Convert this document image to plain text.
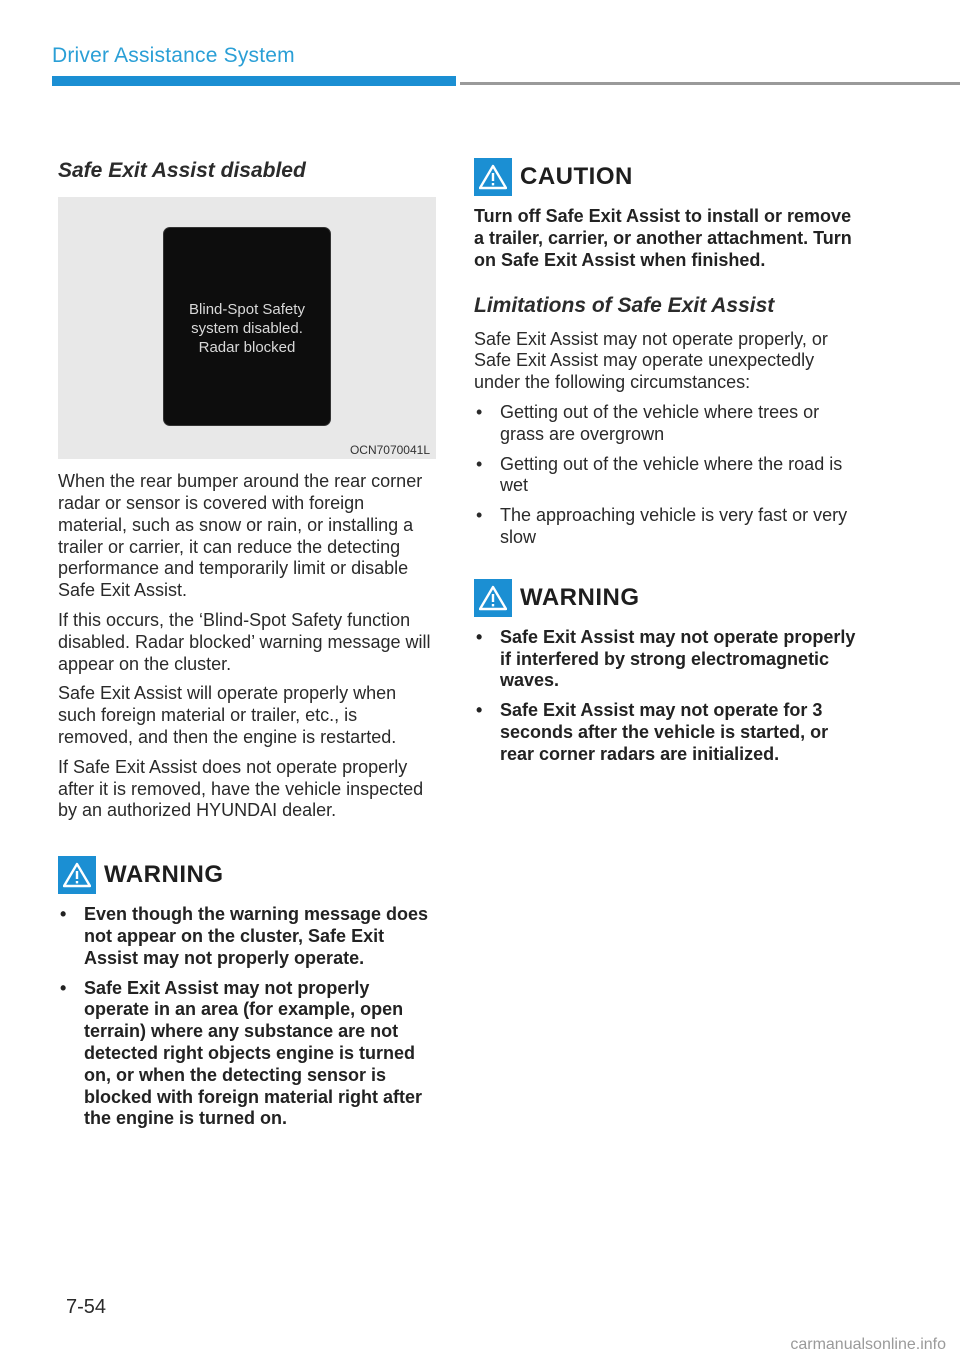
Driver Assistance System
Safe Exit Assist disabled
Blind-Spot Safety
system disabled.
Radar blocked
OCN7070041L

When the rear bumper around the rear corner radar or sensor is covered with foreign material, such as snow or rain, or installing a trailer or carrier, it can reduce the detecting performance and temporarily limit or disable Safe Exit Assist.

If this occurs, the ‘Blind-Spot Safety function disabled. Radar blocked’ warning message will appear on the cluster.

Safe Exit Assist will operate properly when such foreign material or trailer, etc., is removed, and then the engine is restarted.

If Safe Exit Assist does not operate properly after it is removed, have the vehicle inspected by an authorized HYUNDAI dealer.

WARNING
• Even though the warning message does not appear on the cluster, Safe Exit Assist may not properly operate.
• Safe Exit Assist may not properly operate in an area (for example, open terrain) where any substance are not detected right objects engine is turned on, or when the detecting sensor is blocked with foreign material right after the engine is turned on.
CAUTION

Turn off Safe Exit Assist to install or remove a trailer, carrier, or another attachment. Turn on Safe Exit Assist when finished.

Limitations of Safe Exit Assist

Safe Exit Assist may not operate properly, or Safe Exit Assist may operate unexpectedly under the following circumstances:

• Getting out of the vehicle where trees or grass are overgrown
• Getting out of the vehicle where the road is wet
• The approaching vehicle is very fast or very slow
WARNING
• Safe Exit Assist may not operate properly if interfered by strong electromagnetic waves.
• Safe Exit Assist may not operate for 3 seconds after the vehicle is started, or rear corner radars are initialized.
7-54
carmanualsonline.info
